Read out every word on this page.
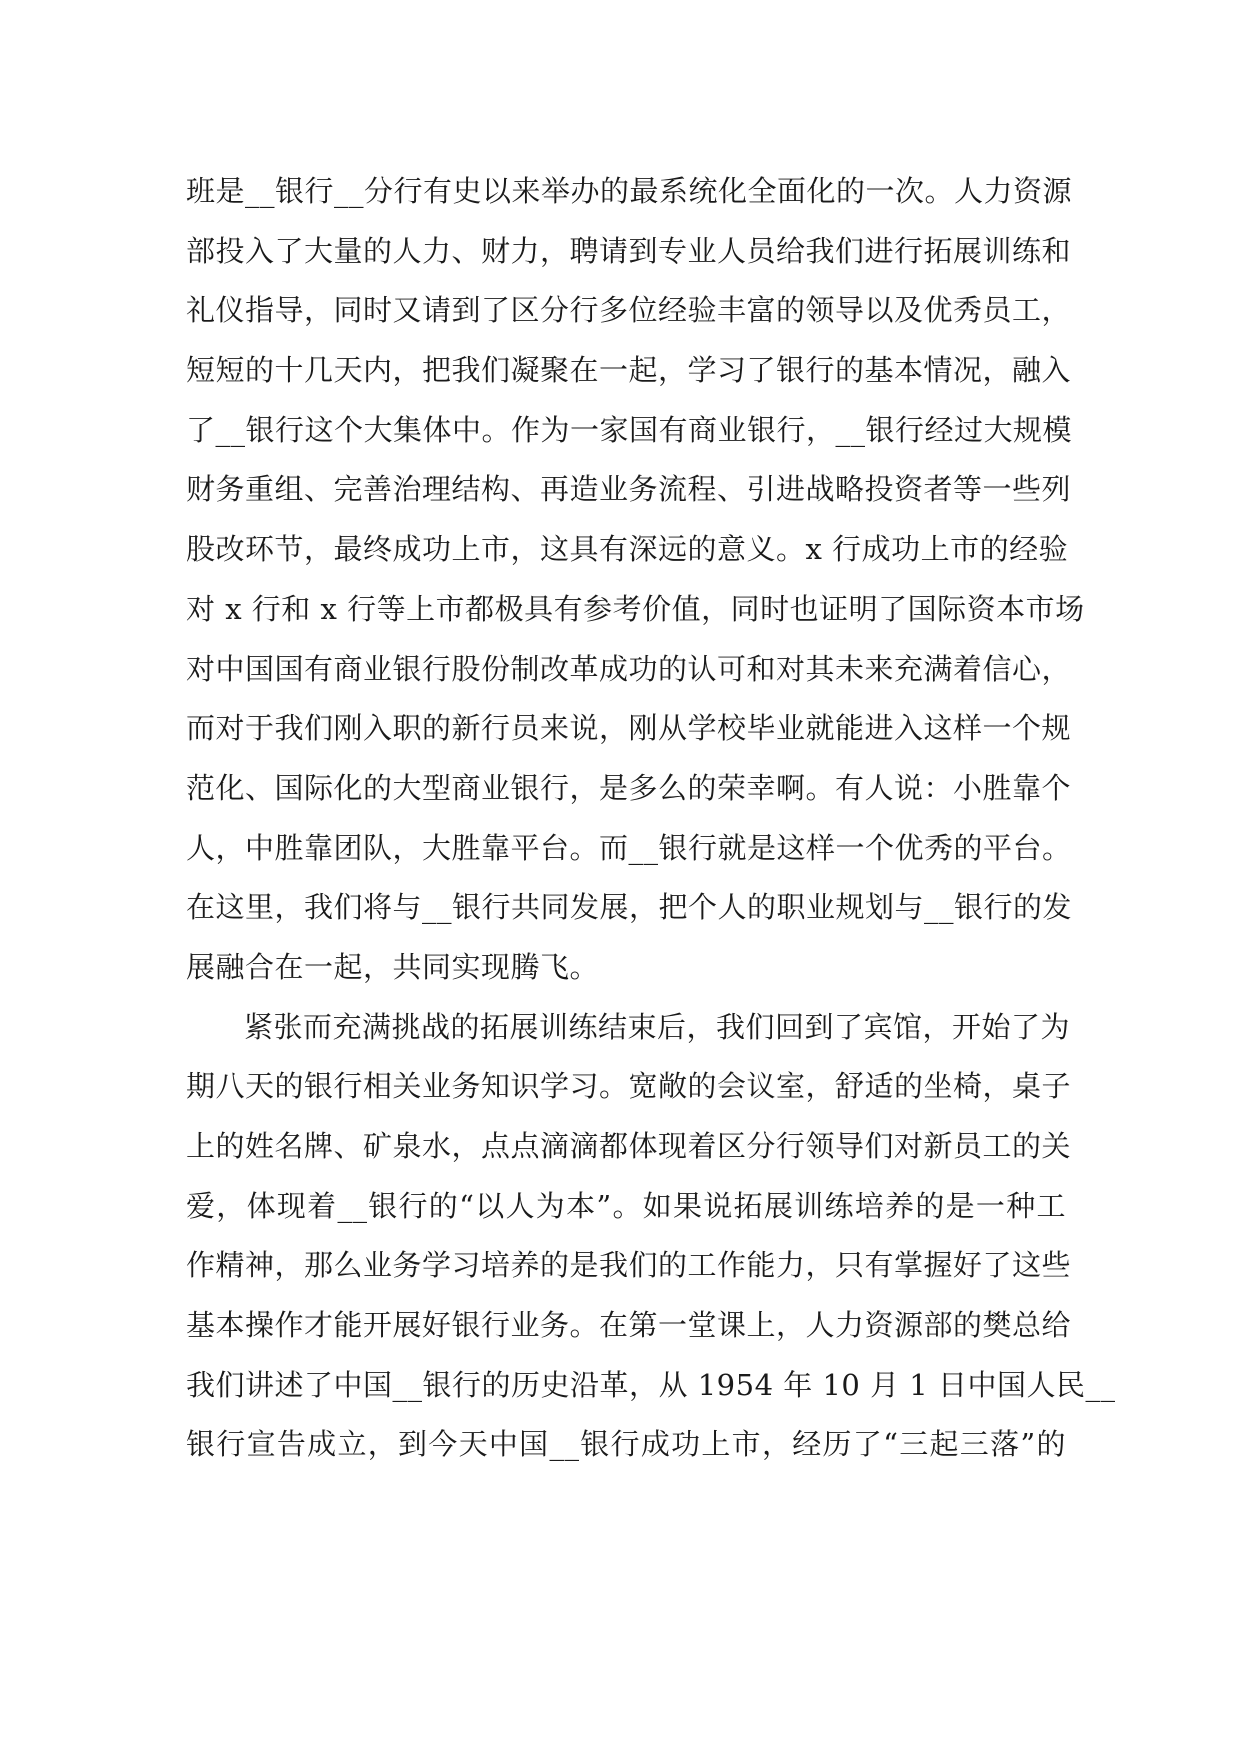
班是__银行__分行有史以来举办的最系统化全面化的一次。人力资源
部投入了大量的人力、财力，聘请到专业人员给我们进行拓展训练和
礼仪指导，同时又请到了区分行多位经验丰富的领导以及优秀员工，
短短的十几天内，把我们凝聚在一起，学习了银行的基本情况，融入
了__银行这个大集体中。作为一家国有商业银行，__银行经过大规模
财务重组、完善治理结构、再造业务流程、引进战略投资者等一些列
股改环节，最终成功上市，这具有深远的意义。x 行成功上市的经验
对 x 行和 x 行等上市都极具有参考价值，同时也证明了国际资本市场
对中国国有商业银行股份制改革成功的认可和对其未来充满着信心，
而对于我们刚入职的新行员来说，刚从学校毕业就能进入这样一个规
范化、国际化的大型商业银行，是多么的荣幸啊。有人说：小胜靠个
人，中胜靠团队，大胜靠平台。而__银行就是这样一个优秀的平台。
在这里，我们将与__银行共同发展，把个人的职业规划与__银行的发
展融合在一起，共同实现腾飞。
紧张而充满挑战的拓展训练结束后，我们回到了宾馆，开始了为
期八天的银行相关业务知识学习。宽敞的会议室，舒适的坐椅，桌子
上的姓名牌、矿泉水，点点滴滴都体现着区分行领导们对新员工的关
爱，体现着__银行的“以人为本”。如果说拓展训练培养的是一种工
作精神，那么业务学习培养的是我们的工作能力，只有掌握好了这些
基本操作才能开展好银行业务。在第一堂课上，人力资源部的樊总给
我们讲述了中国__银行的历史沿革，从 1954 年 10 月 1 日中国人民__
银行宣告成立，到今天中国__银行成功上市，经历了“三起三落”的
